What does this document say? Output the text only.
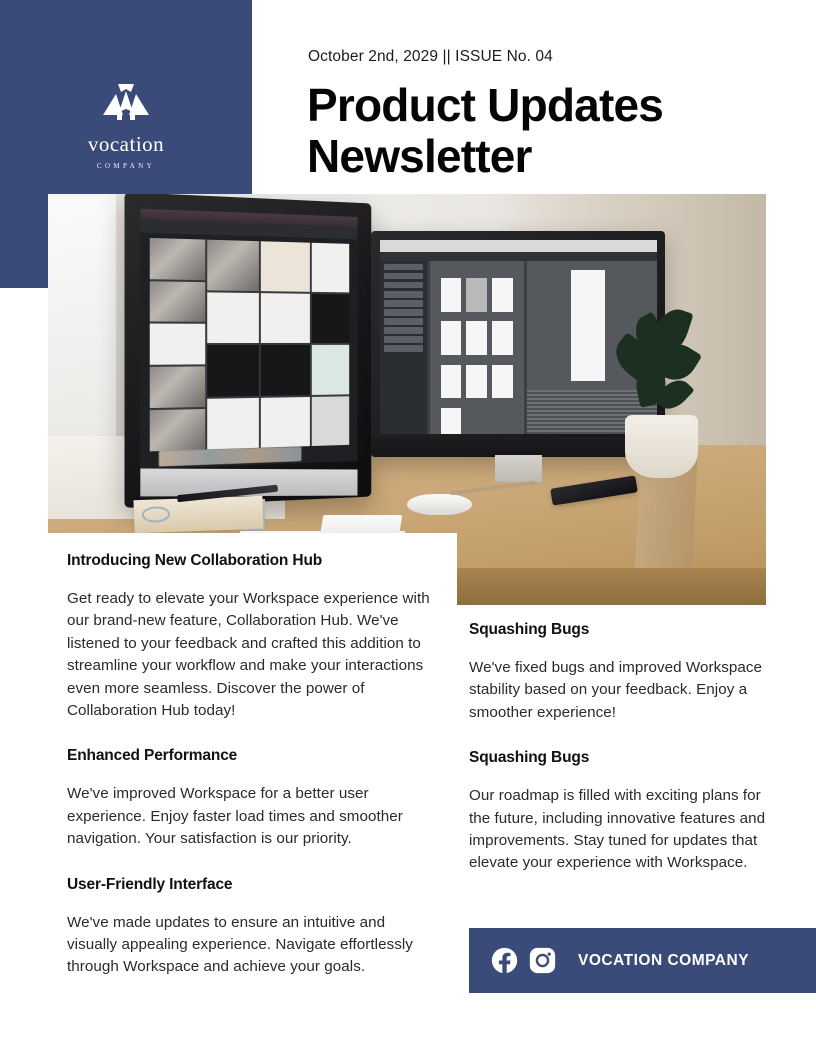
vocation
COMPANY
October 2nd, 2029 || ISSUE No. 04
Product Updates Newsletter
Introducing New Collaboration Hub

Get ready to elevate your Workspace experience with our brand-new feature, Collaboration Hub. We've listened to your feedback and crafted this addition to streamline your workflow and make your interactions even more seamless. Discover the power of Collaboration Hub today!

Enhanced Performance

We've improved Workspace for a better user experience. Enjoy faster load times and smoother navigation. Your satisfaction is our priority.

User-Friendly Interface

We've made updates to ensure an intuitive and visually appealing experience. Navigate effortlessly through Workspace and achieve your goals.

Squashing Bugs

We've fixed bugs and improved Workspace stability based on your feedback. Enjoy a smoother experience!

Squashing Bugs

Our roadmap is filled with exciting plans for the future, including innovative features and improvements. Stay tuned for updates that elevate your experience with Workspace.

VOCATION COMPANY
